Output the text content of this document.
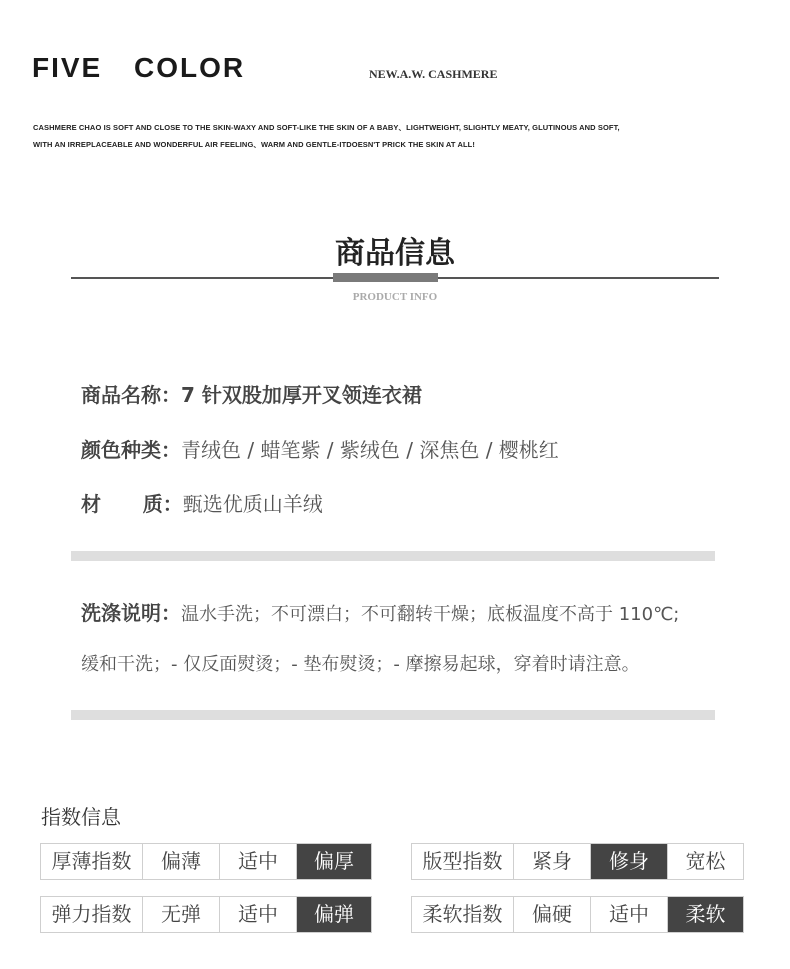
FIVE COLOR	NEW.A.W. CASHMERE
CASHMERE CHAO IS SOFT AND CLOSE TO THE SKIN-WAXY AND SOFT-LIKE THE SKIN OF A BABY、LIGHTWEIGHT, SLIGHTLY MEATY, GLUTINOUS AND SOFT,
WITH AN IRREPLACEABLE AND WONDERFUL AIR FEELING、WARM AND GENTLE-ITDOESN'T PRICK THE SKIN AT ALL!
商品信息
PRODUCT INFO
商品名称：7 针双股加厚开叉领连衣裙
颜色种类：青绒色 / 蜡笔紫 / 紫绒色 / 深焦色 / 樱桃红
材      质：甄选优质山羊绒
洗涤说明：温水手洗；不可漂白；不可翻转干燥；底板温度不高于 110℃;
缓和干洗；- 仅反面熨烫；- 垫布熨烫；- 摩擦易起球，穿着时请注意。
指数信息
厚薄指数	偏薄	适中	偏厚	版型指数	紧身	修身	宽松
弹力指数	无弹	适中	偏弹	柔软指数	偏硬	适中	柔软
